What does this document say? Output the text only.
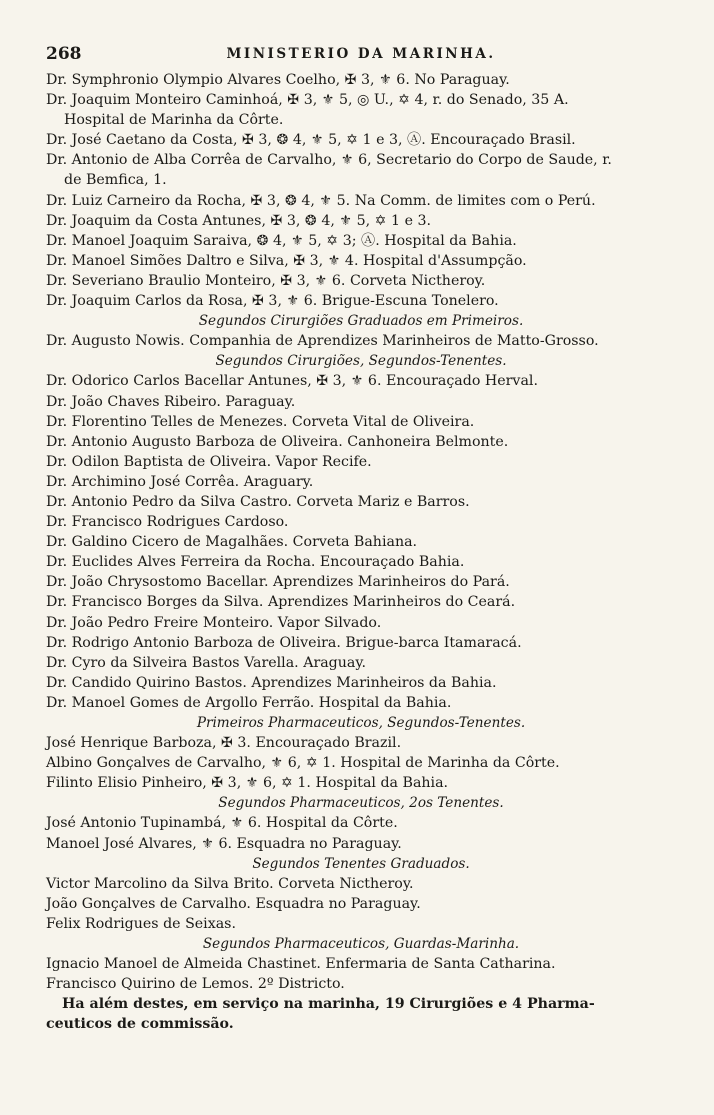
268	MINISTERIO DA MARINHA.
Dr. Symphronio Olympio Alvares Coelho, ✠ 3, ⚜ 6. No Paraguay.
Dr. Joaquim Monteiro Caminhoá, ✠ 3, ⚜ 5, ◎ U., ✡ 4, r. do Senado, 35 A.
Hospital de Marinha da Côrte.
Dr. José Caetano da Costa, ✠ 3, ❂ 4, ⚜ 5, ✡ 1 e 3, Ⓐ. Encouraçado Brasil.
Dr. Antonio de Alba Corrêa de Carvalho, ⚜ 6, Secretario do Corpo de Saude, r.
de Bemfica, 1.
Dr. Luiz Carneiro da Rocha, ✠ 3, ❂ 4, ⚜ 5. Na Comm. de limites com o Perú.
Dr. Joaquim da Costa Antunes, ✠ 3, ❂ 4, ⚜ 5, ✡ 1 e 3.
Dr. Manoel Joaquim Saraiva, ❂ 4, ⚜ 5, ✡ 3; Ⓐ. Hospital da Bahia.
Dr. Manoel Simões Daltro e Silva, ✠ 3, ⚜ 4. Hospital d'Assumpção.
Dr. Severiano Braulio Monteiro, ✠ 3, ⚜ 6. Corveta Nictheroy.
Dr. Joaquim Carlos da Rosa, ✠ 3, ⚜ 6. Brigue-Escuna Tonelero.
Segundos Cirurgiões Graduados em Primeiros.
Dr. Augusto Nowis. Companhia de Aprendizes Marinheiros de Matto-Grosso.
Segundos Cirurgiões, Segundos-Tenentes.
Dr. Odorico Carlos Bacellar Antunes, ✠ 3, ⚜ 6. Encouraçado Herval.
Dr. João Chaves Ribeiro. Paraguay.
Dr. Florentino Telles de Menezes. Corveta Vital de Oliveira.
Dr. Antonio Augusto Barboza de Oliveira. Canhoneira Belmonte.
Dr. Odilon Baptista de Oliveira. Vapor Recife.
Dr. Archimino José Corrêa. Araguary.
Dr. Antonio Pedro da Silva Castro. Corveta Mariz e Barros.
Dr. Francisco Rodrigues Cardoso.
Dr. Galdino Cicero de Magalhães. Corveta Bahiana.
Dr. Euclides Alves Ferreira da Rocha. Encouraçado Bahia.
Dr. João Chrysostomo Bacellar. Aprendizes Marinheiros do Pará.
Dr. Francisco Borges da Silva. Aprendizes Marinheiros do Ceará.
Dr. João Pedro Freire Monteiro. Vapor Silvado.
Dr. Rodrigo Antonio Barboza de Oliveira. Brigue-barca Itamaracá.
Dr. Cyro da Silveira Bastos Varella. Araguay.
Dr. Candido Quirino Bastos. Aprendizes Marinheiros da Bahia.
Dr. Manoel Gomes de Argollo Ferrão. Hospital da Bahia.
Primeiros Pharmaceuticos, Segundos-Tenentes.
José Henrique Barboza, ✠ 3. Encouraçado Brazil.
Albino Gonçalves de Carvalho, ⚜ 6, ✡ 1. Hospital de Marinha da Côrte.
Filinto Elisio Pinheiro, ✠ 3, ⚜ 6, ✡ 1. Hospital da Bahia.
Segundos Pharmaceuticos, 2os Tenentes.
José Antonio Tupinambá, ⚜ 6. Hospital da Côrte.
Manoel José Alvares, ⚜ 6. Esquadra no Paraguay.
Segundos Tenentes Graduados.
Victor Marcolino da Silva Brito. Corveta Nictheroy.
João Gonçalves de Carvalho. Esquadra no Paraguay.
Felix Rodrigues de Seixas.
Segundos Pharmaceuticos, Guardas-Marinha.
Ignacio Manoel de Almeida Chastinet. Enfermaria de Santa Catharina.
Francisco Quirino de Lemos. 2º Districto.
Ha além destes, em serviço na marinha, 19 Cirurgiões e 4 Pharma-
ceuticos de commissão.
